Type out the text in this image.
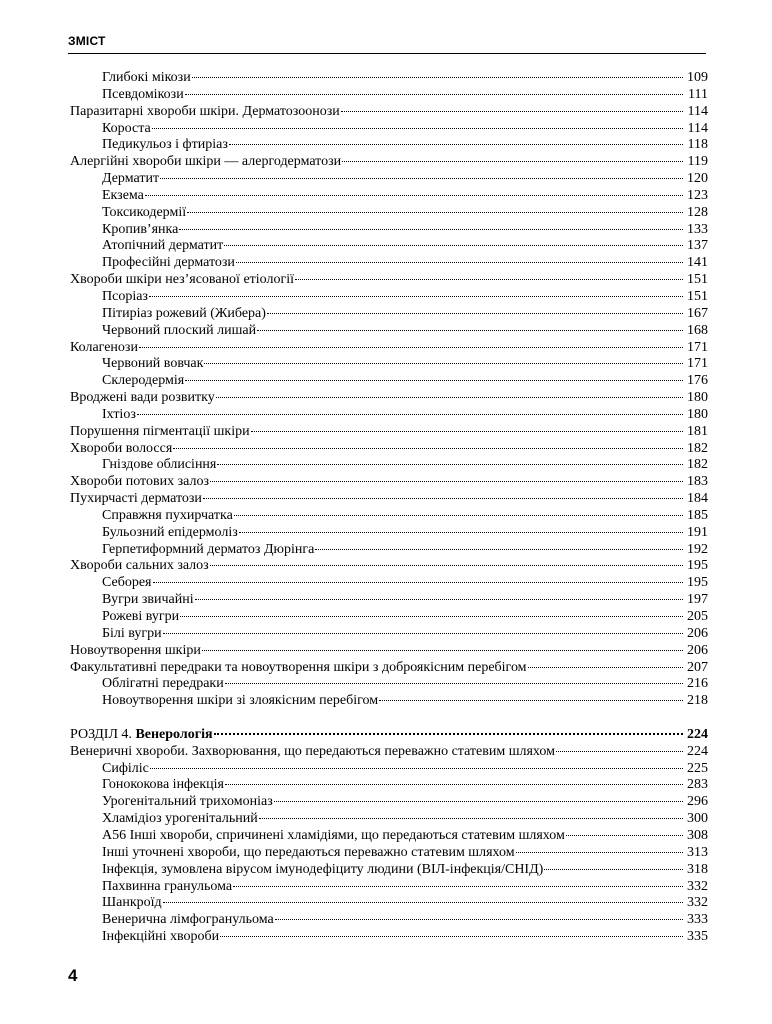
ЗМІСТ
Глибокі мікози	109
Псевдомікози	111
Паразитарні хвороби шкіри. Дерматозоонози	114
Короста	114
Педикульоз і фтиріаз	118
Алергійні хвороби шкіри — алергодерматози	119
Дерматит	120
Екзема	123
Токсикодермії	128
Кропив’янка	133
Атопічний дерматит	137
Професійні дерматози	141
Хвороби шкіри нез’ясованої етіології	151
Псоріаз	151
Пітиріаз рожевий (Жибера)	167
Червоний плоский лишай	168
Колагенози	171
Червоний вовчак	171
Склеродермія	176
Вроджені вади розвитку	180
Іхтіоз	180
Порушення пігментації шкіри	181
Хвороби волосся	182
Гніздове облисіння	182
Хвороби потових залоз	183
Пухирчасті дерматози	184
Справжня пухирчатка	185
Бульозний епідермоліз	191
Герпетиформний дерматоз Дюрінга	192
Хвороби сальних залоз	195
Себорея	195
Вугри звичайні	197
Рожеві вугри	205
Білі вугри	206
Новоутворення шкіри	206
Факультативні передраки та новоутворення шкіри з доброякісним перебігом	207
Облігатні передраки	216
Новоутворення шкіри зі злоякісним перебігом	218
РОЗДІЛ 4. Венерологія	224
Венеричні хвороби. Захворювання, що передаються переважно статевим шляхом	224
Сифіліс	225
Гонококова інфекція	283
Урогенітальний трихомоніаз	296
Хламідіоз урогенітальний	300
А56 Інші хвороби, спричинені хламідіями, що передаються статевим шляхом	308
Інші уточнені хвороби, що передаються переважно статевим шляхом	313
Інфекція, зумовлена вірусом імунодефіциту людини (ВІЛ-інфекція/СНІД)	318
Пахвинна гранульома	332
Шанкроїд	332
Венерична лімфогранульома	333
Інфекційні хвороби	335
4
